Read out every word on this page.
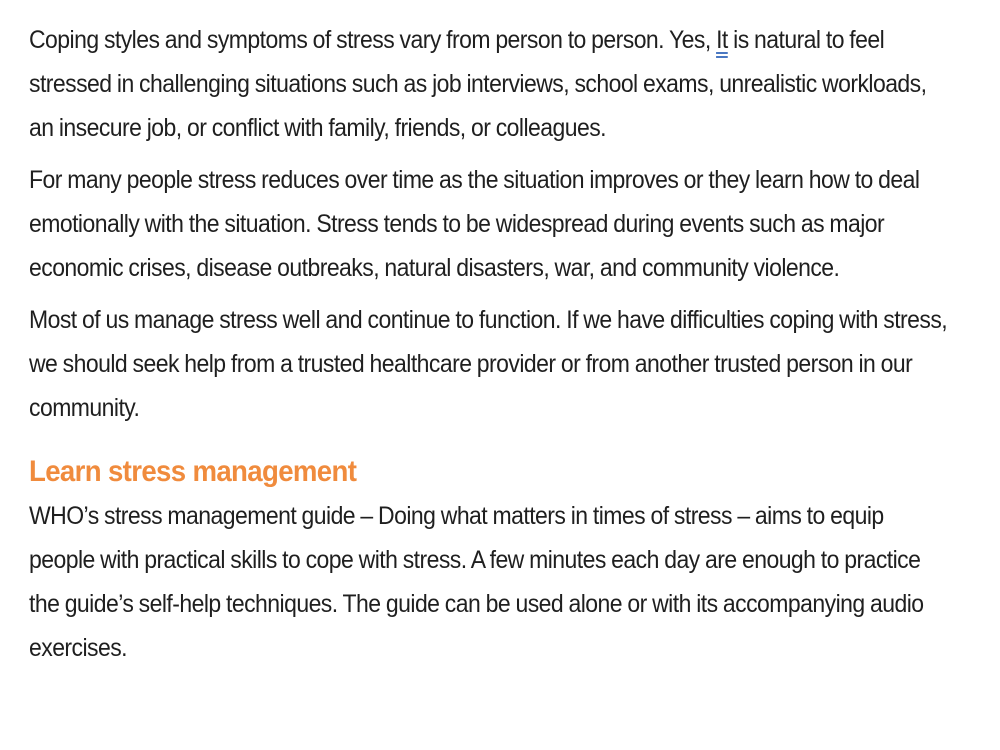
Coping styles and symptoms of stress vary from person to person. Yes, It is natural to feel stressed in challenging situations such as job interviews, school exams, unrealistic workloads, an insecure job, or conflict with family, friends, or colleagues.

For many people stress reduces over time as the situation improves or they learn how to deal emotionally with the situation. Stress tends to be widespread during events such as major economic crises, disease outbreaks, natural disasters, war, and community violence.

Most of us manage stress well and continue to function. If we have difficulties coping with stress, we should seek help from a trusted healthcare provider or from another trusted person in our community.

Learn stress management

WHO’s stress management guide – Doing what matters in times of stress – aims to equip people with practical skills to cope with stress. A few minutes each day are enough to practice the guide’s self-help techniques. The guide can be used alone or with its accompanying audio exercises.
